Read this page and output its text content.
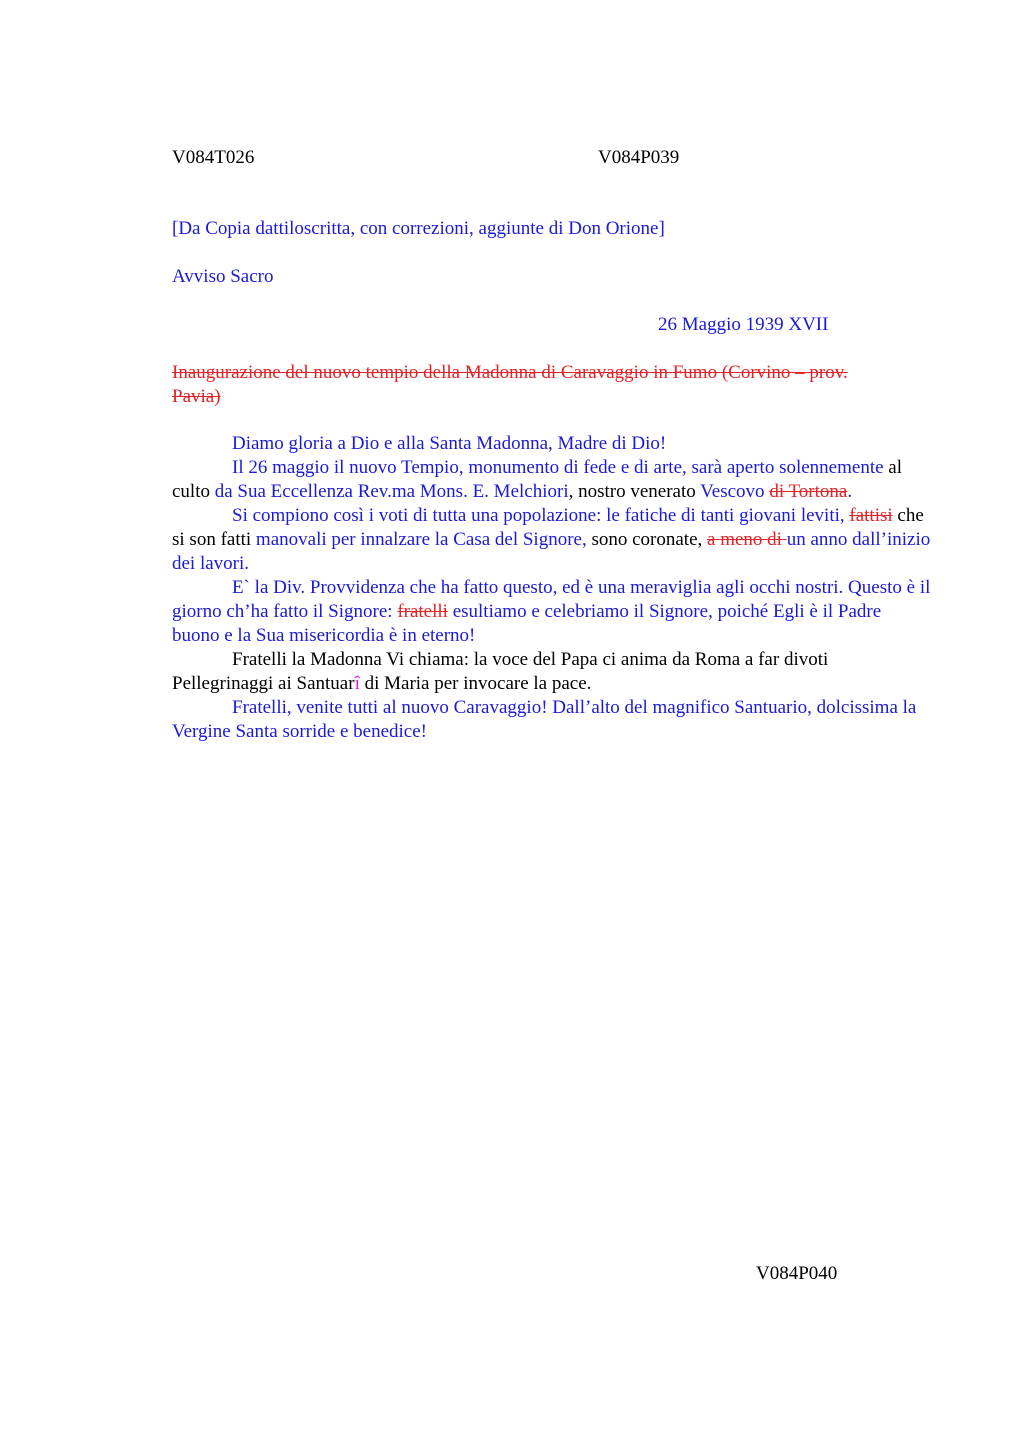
V084T026	V084P039
[Da Copia dattiloscritta, con correzioni, aggiunte di Don Orione]
Avviso Sacro
26 Maggio 1939 XVII
Inaugurazione del nuovo tempio della Madonna di Caravaggio in Fumo (Corvino – prov.
Pavia)

Diamo gloria a Dio e alla Santa Madonna, Madre di Dio!

Il 26 maggio il nuovo Tempio, monumento di fede e di arte, sarà aperto solennemente al culto da Sua Eccellenza Rev.ma Mons. E. Melchiori, nostro venerato Vescovo di Tortona.

Si compiono così i voti di tutta una popolazione: le fatiche di tanti giovani leviti, fattisi che si son fatti manovali per innalzare la Casa del Signore, sono coronate, a meno di un anno dall’inizio dei lavori.

E` la Div. Provvidenza che ha fatto questo, ed è una meraviglia agli occhi nostri. Questo è il giorno ch’ha fatto il Signore: fratelli esultiamo e celebriamo il Signore, poiché Egli è il Padre buono e la Sua misericordia è in eterno!

Fratelli la Madonna Vi chiama: la voce del Papa ci anima da Roma a far divoti Pellegrinaggi ai Santuarî di Maria per invocare la pace.

Fratelli, venite tutti al nuovo Caravaggio! Dall’alto del magnifico Santuario, dolcissima la Vergine Santa sorride e benedice!

V084P040
